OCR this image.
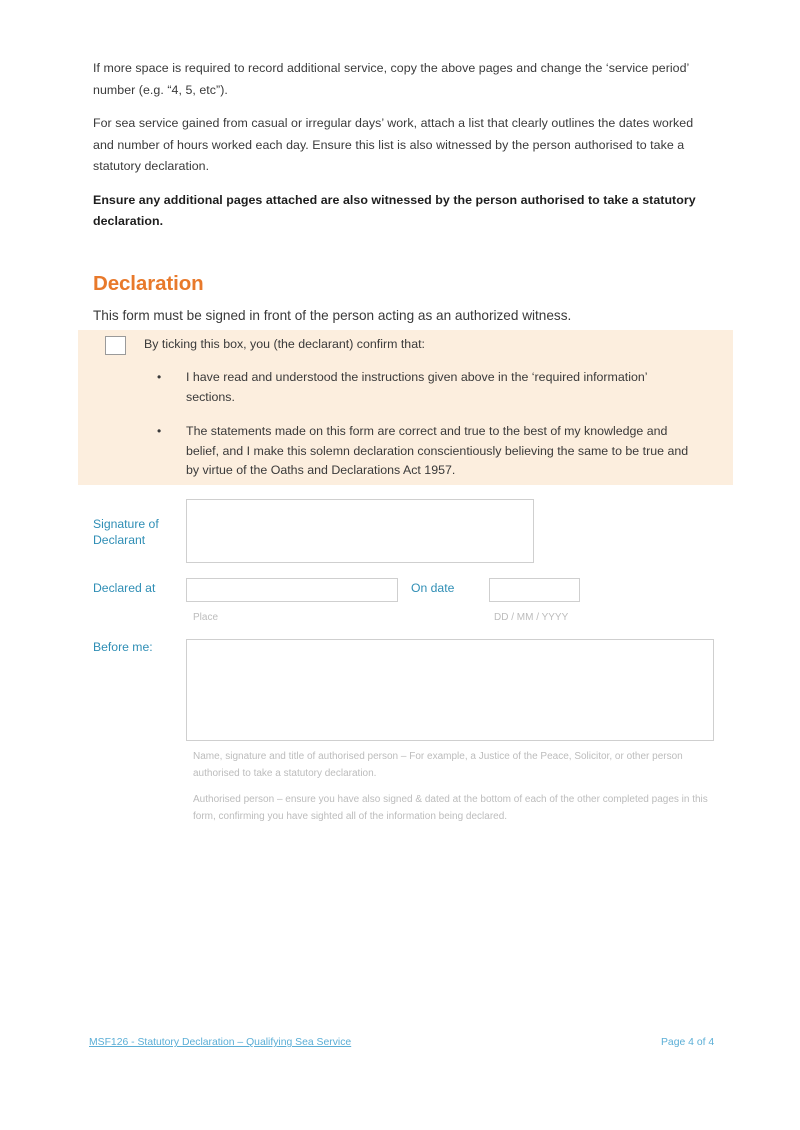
If more space is required to record additional service, copy the above pages and change the ‘service period’ number (e.g. “4, 5, etc”).

For sea service gained from casual or irregular days’ work, attach a list that clearly outlines the dates worked and number of hours worked each day. Ensure this list is also witnessed by the person authorised to take a statutory declaration.

Ensure any additional pages attached are also witnessed by the person authorised to take a statutory declaration.

Declaration
This form must be signed in front of the person acting as an authorized witness.
By ticking this box, you (the declarant) confirm that:
• I have read and understood the instructions given above in the ‘required information’ sections.
• The statements made on this form are correct and true to the best of my knowledge and belief, and I make this solemn declaration conscientiously believing the same to be true and by virtue of the Oaths and Declarations Act 1957.
Signature of Declarant
Declared at
Place
On date
DD / MM / YYYY
Before me:
Name, signature and title of authorised person – For example, a Justice of the Peace, Solicitor, or other person authorised to take a statutory declaration.
Authorised person – ensure you have also signed & dated at the bottom of each of the other completed pages in this form, confirming you have sighted all of the information being declared.
MSF126 - Statutory Declaration – Qualifying Sea Service	Page 4 of 4
